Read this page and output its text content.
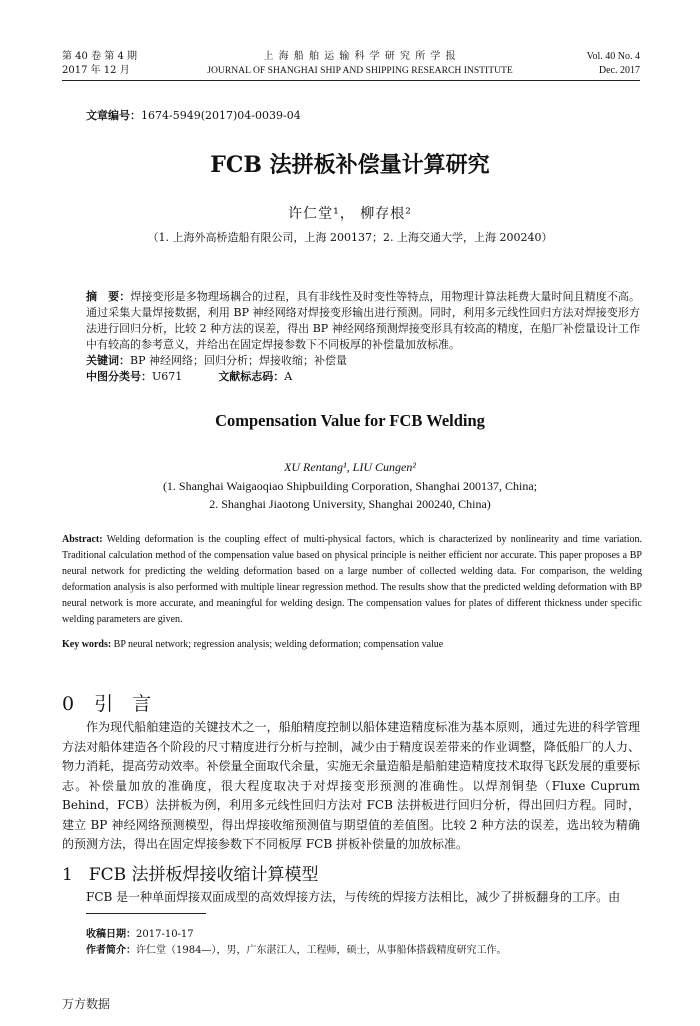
第 40 卷 第 4 期
2017 年 12 月
上 海 船 舶 运 输 科 学 研 究 所 学 报
JOURNAL OF SHANGHAI SHIP AND SHIPPING RESEARCH INSTITUTE
Vol. 40 No. 4
Dec. 2017
文章编号：1674-5949(2017)04-0039-04
FCB 法拼板补偿量计算研究
许仁堂¹， 柳存根²
（1. 上海外高桥造船有限公司，上海 200137；2. 上海交通大学，上海 200240）
摘　要：焊接变形是多物理场耦合的过程，具有非线性及时变性等特点，用物理计算法耗费大量时间且精度不高。通过采集大量焊接数据，利用 BP 神经网络对焊接变形输出进行预测。同时，利用多元线性回归方法对焊接变形方法进行回归分析，比较 2 种方法的误差，得出 BP 神经网络预测焊接变形具有较高的精度，在船厂补偿量设计工作中有较高的参考意义，并给出在固定焊接参数下不同板厚的补偿量加放标准。
关键词：BP 神经网络；回归分析；焊接收缩；补偿量
中图分类号：U671	文献标志码：A
Compensation Value for FCB Welding
XU Rentang¹, LIU Cungen²
(1. Shanghai Waigaoqiao Shipbuilding Corporation, Shanghai 200137, China;
2. Shanghai Jiaotong University, Shanghai 200240, China)
Abstract: Welding deformation is the coupling effect of multi-physical factors, which is characterized by nonlinearity and time variation. Traditional calculation method of the compensation value based on physical principle is neither efficient nor accurate. This paper proposes a BP neural network for predicting the welding deformation based on a large number of collected welding data. For comparison, the welding deformation analysis is also performed with multiple linear regression method. The results show that the predicted welding deformation with BP neural network is more accurate, and meaningful for welding design. The compensation values for plates of different thickness under specific welding parameters are given.
Key words: BP neural network; regression analysis; welding deformation; compensation value
0 引　言
作为现代船舶建造的关键技术之一，船舶精度控制以船体建造精度标准为基本原则，通过先进的科学管理方法对船体建造各个阶段的尺寸精度进行分析与控制，减少由于精度误差带来的作业调整，降低船厂的人力、物力消耗，提高劳动效率。补偿量全面取代余量，实施无余量造船是船舶建造精度技术取得飞跃发展的重要标志。补偿量加放的准确度，很大程度取决于对焊接变形预测的准确性。以焊剂铜垫（Fluxe Cuprum Behind，FCB）法拼板为例，利用多元线性回归方法对 FCB 法拼板进行回归分析，得出回归方程。同时，建立 BP 神经网络预测模型，得出焊接收缩预测值与期望值的差值图。比较 2 种方法的误差，选出较为精确的预测方法，得出在固定焊接参数下不同板厚 FCB 拼板补偿量的加放标准。
1 FCB 法拼板焊接收缩计算模型
FCB 是一种单面焊接双面成型的高效焊接方法，与传统的焊接方法相比，减少了拼板翻身的工序。由
收稿日期：2017-10-17
作者简介：许仁堂（1984—），男，广东湛江人，工程师，硕士，从事船体搭载精度研究工作。
万方数据
